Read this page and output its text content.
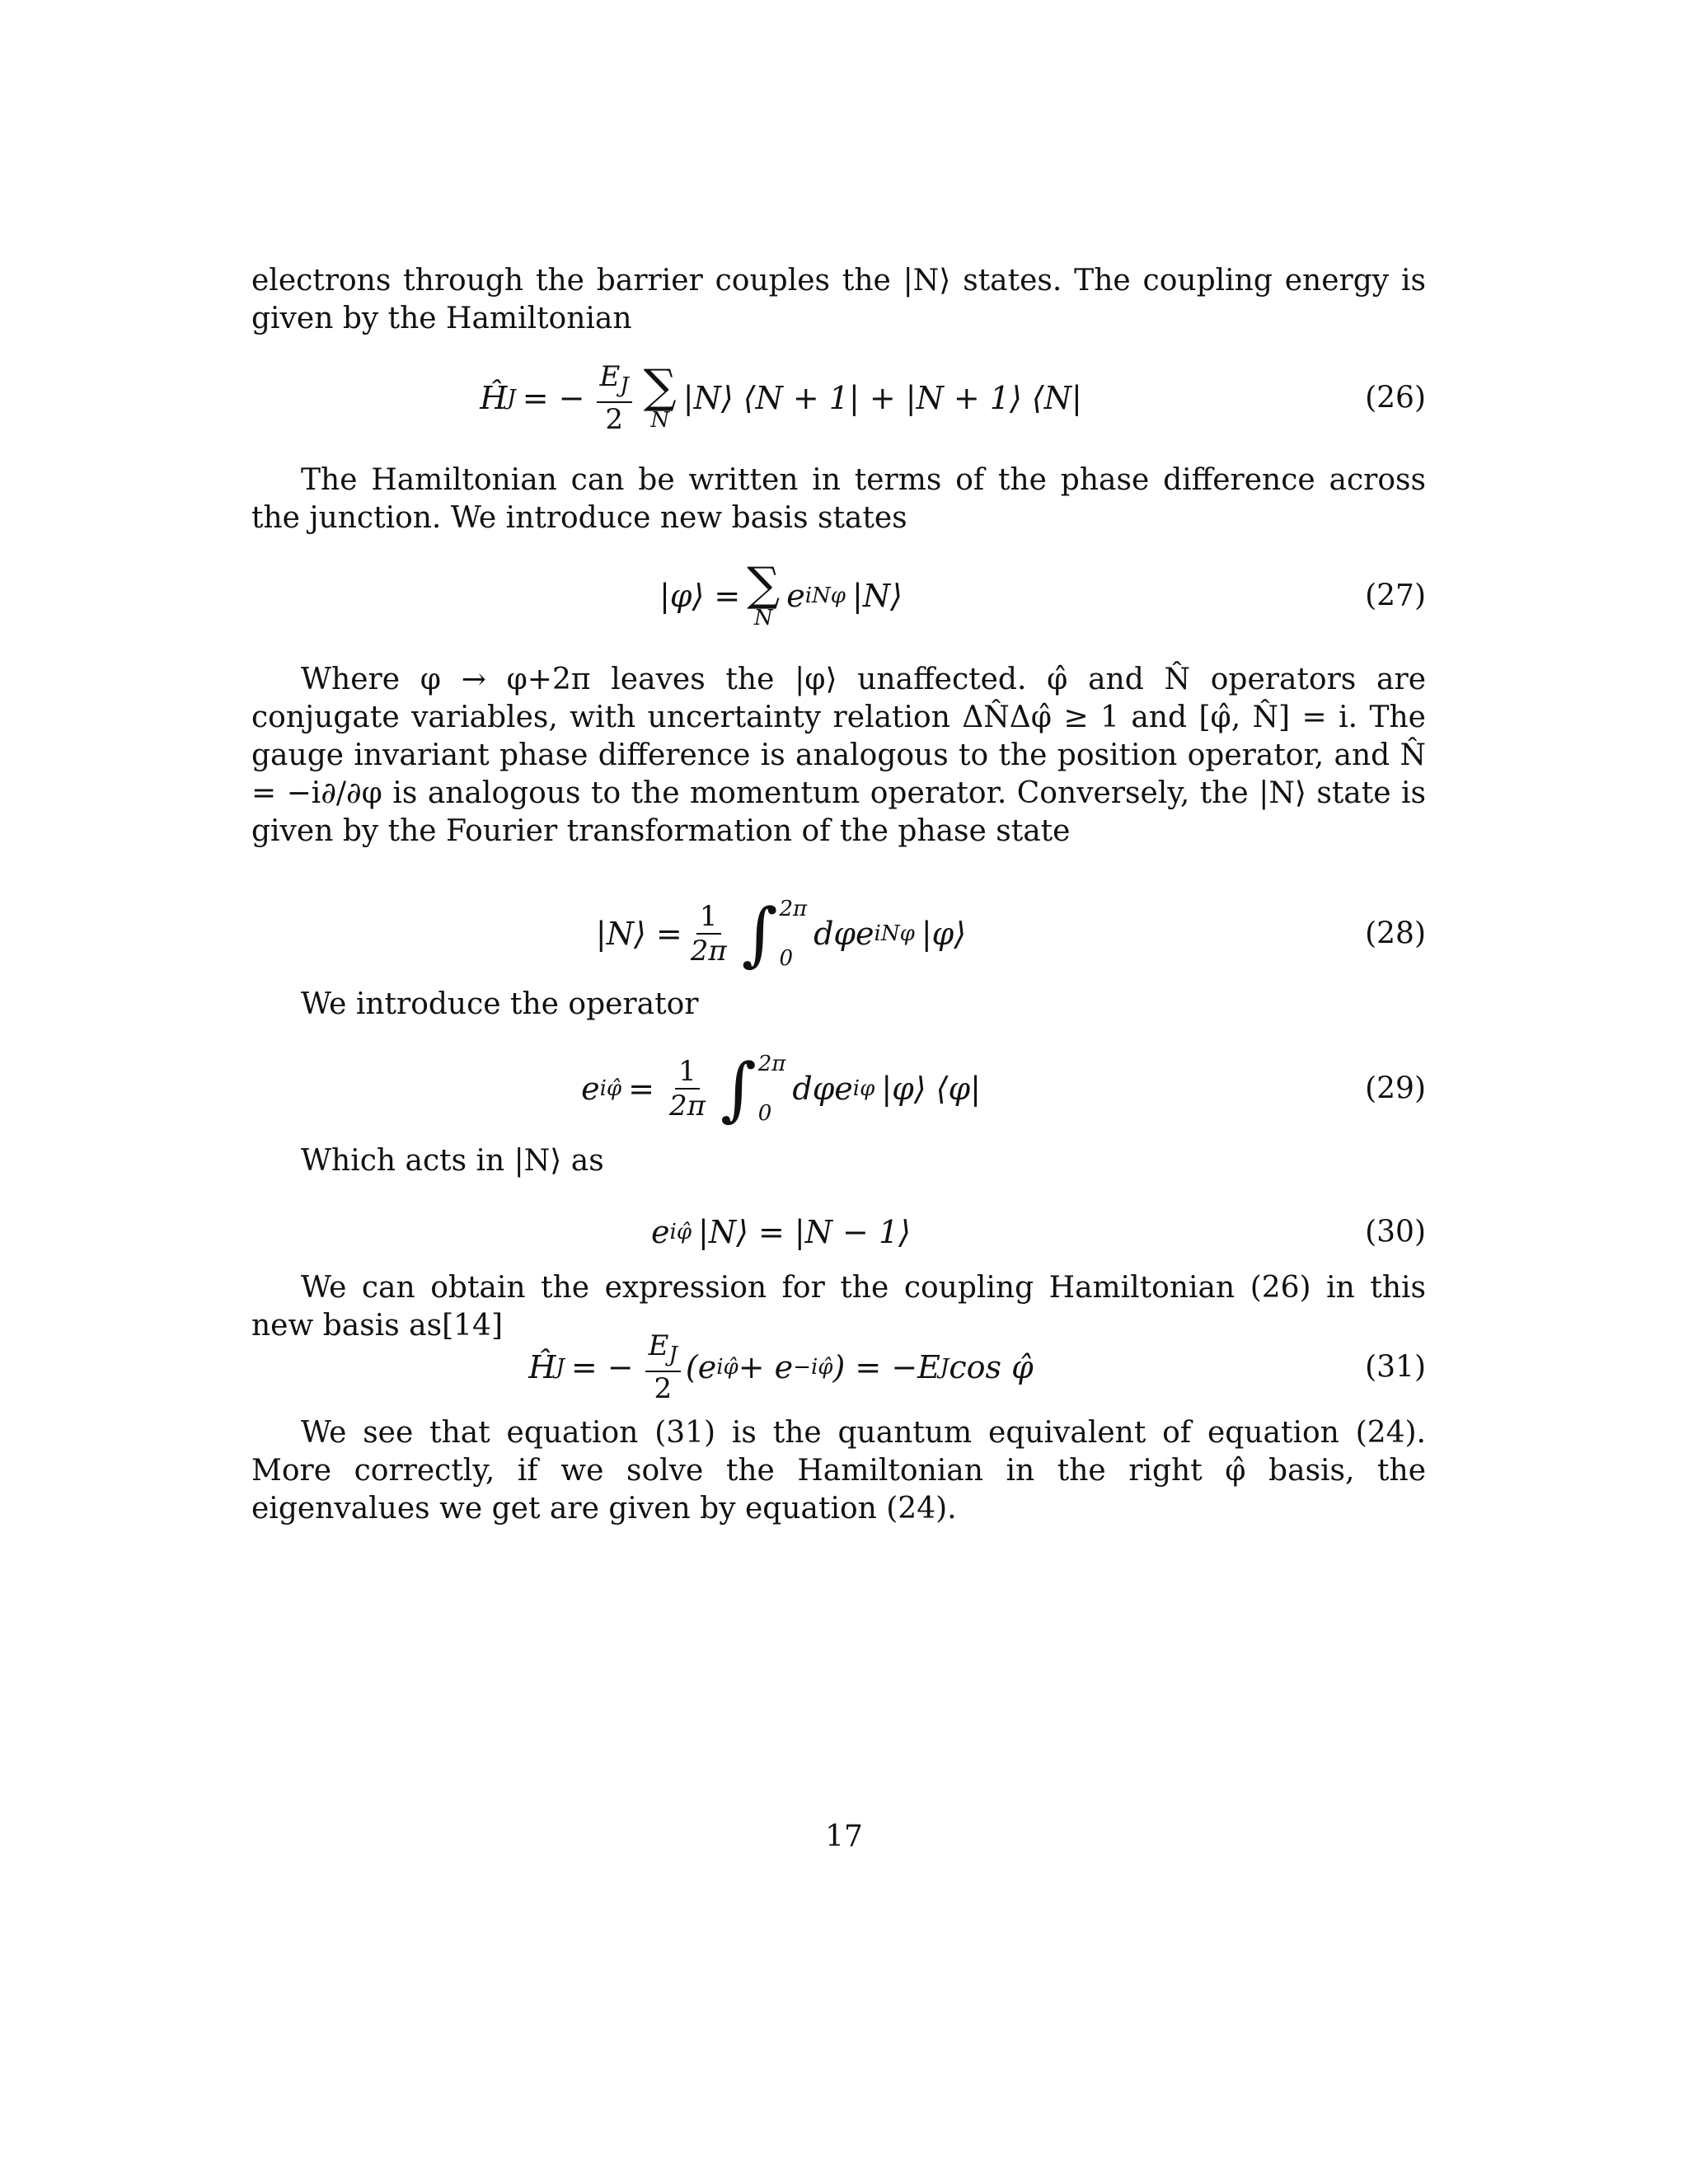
electrons through the barrier couples the |N⟩ states. The coupling energy is given by the Hamiltonian

Ĥ J = − $\frac{E_J}{2}$ ∑
N
|N⟩ ⟨N + 1| + |N + 1⟩ ⟨N|	(26)

The Hamiltonian can be written in terms of the phase difference across the junction. We introduce new basis states

|φ⟩ = ∑
N
e iNφ |N⟩	(27)

Where φ → φ+2π leaves the |φ⟩ unaffected. φ̂ and N̂ operators are conjugate variables, with uncertainty relation ΔN̂Δφ̂ ≥ 1 and [φ̂, N̂] = i. The gauge invariant phase difference is analogous to the position operator, and N̂ = −i∂/∂φ is analogous to the momentum operator. Conversely, the |N⟩ state is given by the Fourier transformation of the phase state

|N⟩ = $\frac{1}{2\pi}$ ∫ 2π
0
dφe iNφ |φ⟩	(28)

We introduce the operator

e iφ̂ = $\frac{1}{2\pi}$ ∫ 2π
0
dφe iφ |φ⟩ ⟨φ|	(29)

Which acts in |N⟩ as

e iφ̂ |N⟩ = |N − 1⟩	(30)

We can obtain the expression for the coupling Hamiltonian (26) in this new basis as[14]

Ĥ J = − $\frac{E_J}{2} (e$ iφ̂ + e −iφ̂ ) = −E J cos φ̂	(31)

We see that equation (31) is the quantum equivalent of equation (24). More correctly, if we solve the Hamiltonian in the right φ̂ basis, the eigenvalues we get are given by equation (24).

17
